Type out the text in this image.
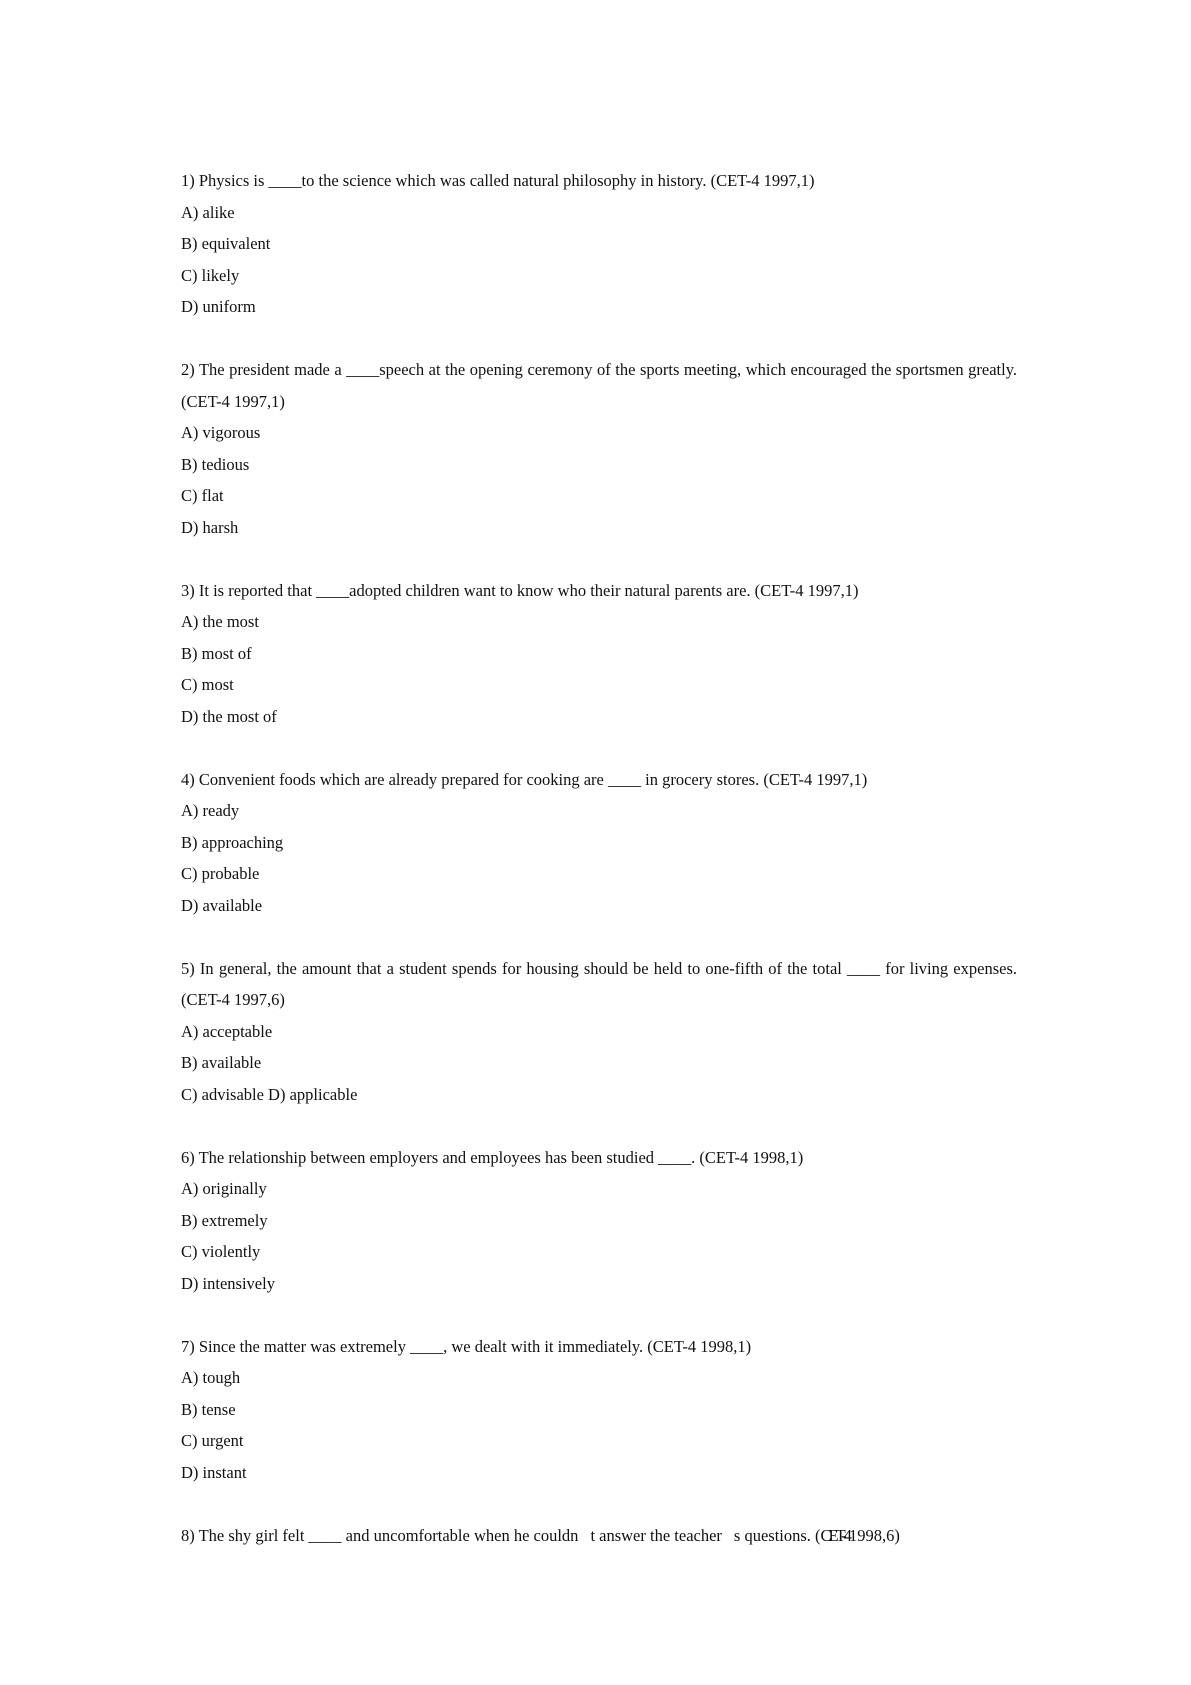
1) Physics is ____to the science which was called natural philosophy in history. (CET-4 1997,1)

A) alike

B) equivalent

C) likely

D) uniform

2) The president made a ____speech at the opening ceremony of the sports meeting, which encouraged the sportsmen greatly. (CET-4 1997,1)

A) vigorous

B) tedious

C) flat

D) harsh

3) It is reported that ____adopted children want to know who their natural parents are. (CET-4 1997,1)

A) the most

B) most of

C) most

D) the most of

4) Convenient foods which are already prepared for cooking are ____ in grocery stores. (CET-4 1997,1)

A) ready

B) approaching

C) probable

D) available

5) In general, the amount that a student spends for housing should be held to one-fifth of the total ____ for living expenses. (CET-4 1997,6)

A) acceptable

B) available

C) advisable D) applicable

6) The relationship between employers and employees has been studied ____. (CET-4 1998,1)

A) originally

B) extremely

C) violently

D) intensively

7) Since the matter was extremely ____, we dealt with it immediately. (CET-4 1998,1)

A) tough

B) tense

C) urgent

D) instant

8) The shy girl felt ____ and uncomfortable when he couldn t answer the teacher s questions. (CET-41998,6)
